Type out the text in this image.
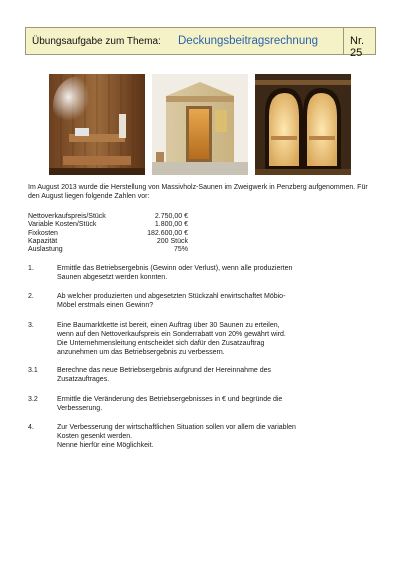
Übungsaufgabe zum Thema: Deckungsbeitragsrechnung	Nr. 25
Im August 2013 wurde die Herstellung von Massivholz-Saunen im Zweigwerk in Penzberg aufgenommen. Für den August liegen folgende Zahlen vor:
Nettoverkaufspreis/Stück	2.750,00 €
Variable Kosten/Stück	1.800,00 €
Fixkosten	182.600,00 €
Kapazität	200 Stück
Auslastung	75%
1.	Ermittle das Betriebsergebnis (Gewinn oder Verlust), wenn alle produzierten
Saunen abgesetzt werden konnten.
2.	Ab welcher produzierten und abgesetzten Stückzahl erwirtschaftet Möbio-
Möbel erstmals einen Gewinn?
3.	Eine Baumarktkette ist bereit, einen Auftrag über 30 Saunen zu erteilen,
wenn auf den Nettoverkaufspreis ein Sonderrabatt von 20% gewährt wird.
Die Unternehmensleitung entscheidet sich dafür den Zusatzauftrag
anzunehmen um das Betriebsergebnis zu verbessern.
3.1	Berechne das neue Betriebsergebnis aufgrund der Hereinnahme des
Zusatzauftrages.
3.2	Ermittle die Veränderung des Betriebsergebnisses in € und begründe die
Verbesserung.
4.	Zur Verbesserung der wirtschaftlichen Situation sollen vor allem die variablen
Kosten gesenkt werden.
Nenne hierfür eine Möglichkeit.
